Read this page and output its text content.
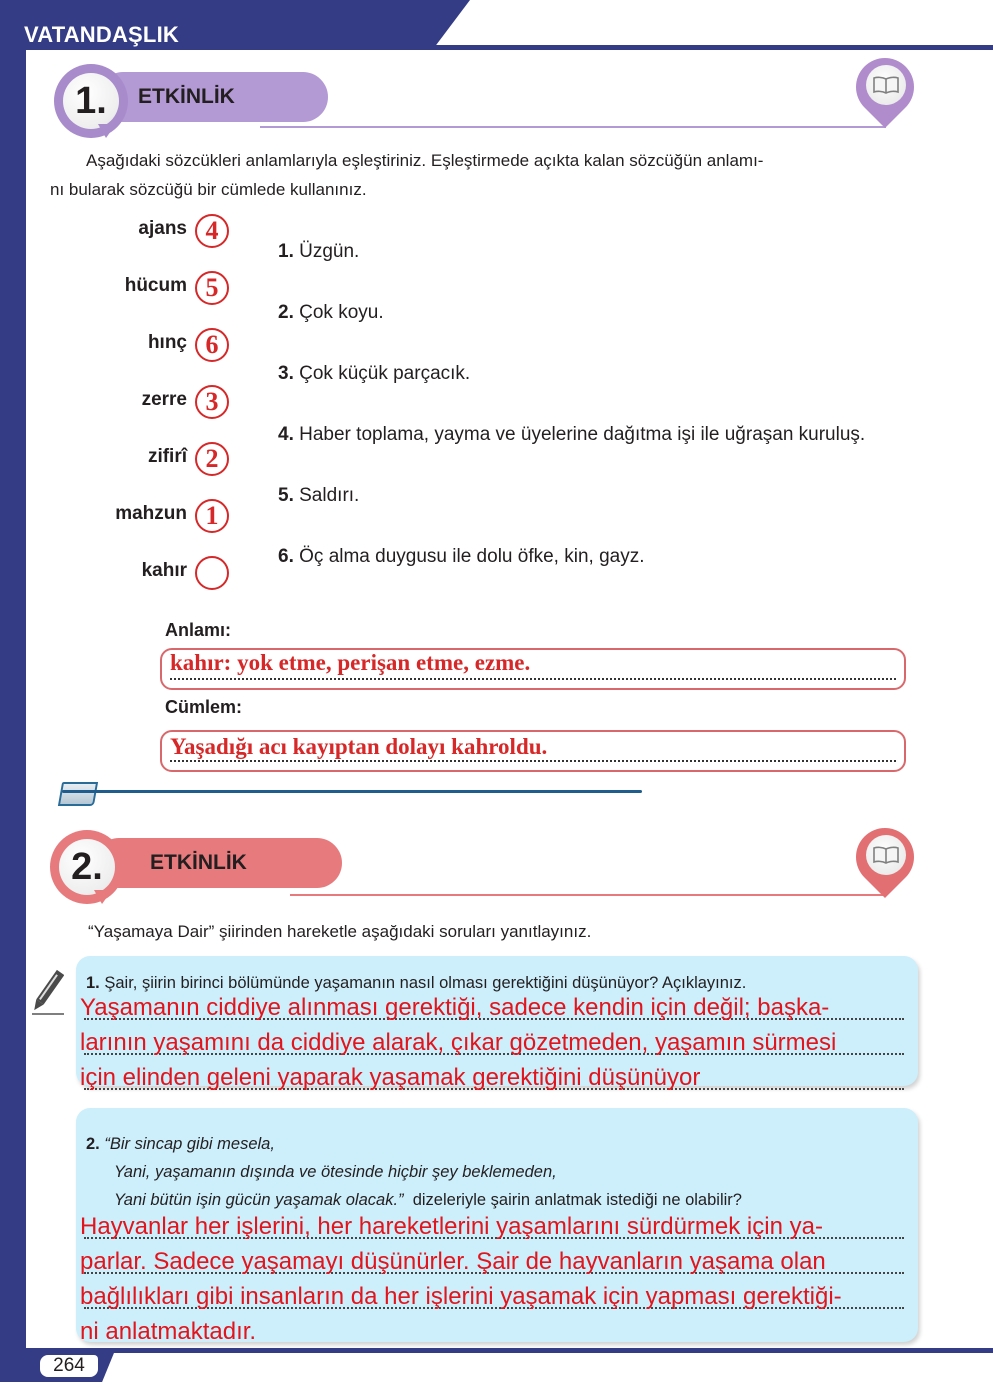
VATANDAŞLIK
1.	ETKİNLİK
Aşağıdaki sözcükleri anlamlarıyla eşleştiriniz. Eşleştirmede açıkta kalan sözcüğün anlamı-
nı bularak sözcüğü bir cümlede kullanınız.
ajans 4
hücum 5
hınç 6
zerre 3
zifirî 2
mahzun 1
kahır
1. Üzgün.
2. Çok koyu.
3. Çok küçük parçacık.
4. Haber toplama, yayma ve üyelerine dağıtma işi ile uğraşan kuruluş.
5. Saldırı.
6. Öç alma duygusu ile dolu öfke, kin, gayz.
Anlamı:
kahır: yok etme, perişan etme, ezme.
Cümlem:
Yaşadığı acı kayıptan dolayı kahroldu.
2.	ETKİNLİK
“Yaşamaya Dair” şiirinden hareketle aşağıdaki soruları yanıtlayınız.
1. Şair, şiirin birinci bölümünde yaşamanın nasıl olması gerektiğini düşünüyor? Açıklayınız.
Yaşamanın ciddiye alınması gerektiği, sadece kendin için değil; başka-
larının yaşamını da ciddiye alarak, çıkar gözetmeden, yaşamın sürmesi
için elinden geleni yaparak yaşamak gerektiğini düşünüyor
2. “Bir sincap gibi mesela,
Yani, yaşamanın dışında ve ötesinde hiçbir şey beklemeden,
Yani bütün işin gücün yaşamak olacak.” dizeleriyle şairin anlatmak istediği ne olabilir?
Hayvanlar her işlerini, her hareketlerini yaşamlarını sürdürmek için ya-
parlar. Sadece yaşamayı düşünürler. Şair de hayvanların yaşama olan
bağlılıkları gibi insanların da her işlerini yaşamak için yapması gerektiği-
ni anlatmaktadır.
264
